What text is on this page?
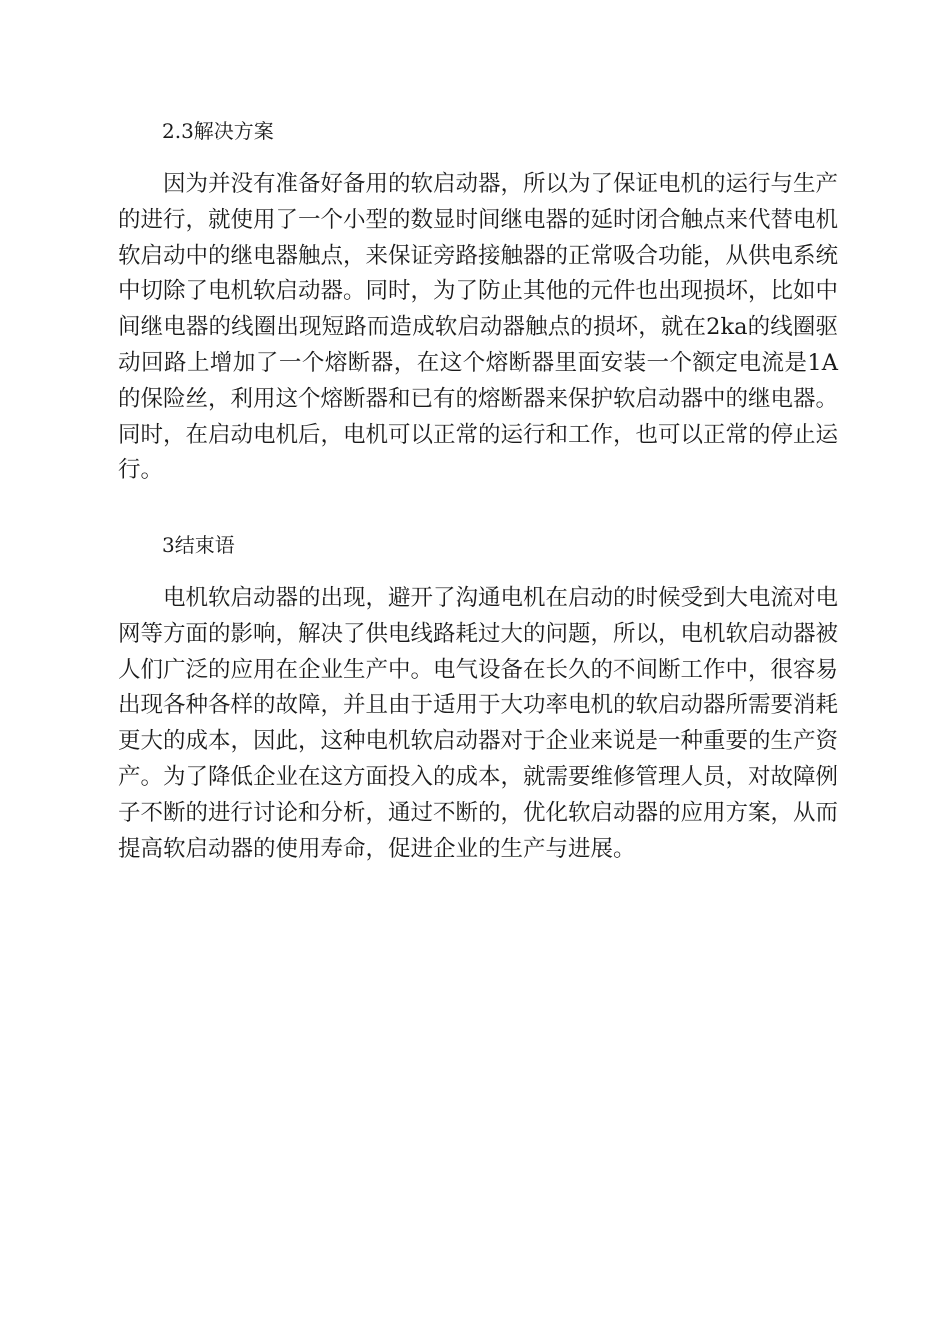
2.3解决方案
因为并没有准备好备用的软启动器，所以为了保证电机的运行与生产的进行，就使用了一个小型的数显时间继电器的延时闭合触点来代替电机软启动中的继电器触点，来保证旁路接触器的正常吸合功能，从供电系统中切除了电机软启动器。同时，为了防止其他的元件也出现损坏，比如中间继电器的线圈出现短路而造成软启动器触点的损坏，就在2ka的线圈驱动回路上增加了一个熔断器，在这个熔断器里面安装一个额定电流是1A的保险丝，利用这个熔断器和已有的熔断器来保护软启动器中的继电器。同时，在启动电机后，电机可以正常的运行和工作，也可以正常的停止运行。
3结束语
电机软启动器的出现，避开了沟通电机在启动的时候受到大电流对电网等方面的影响，解决了供电线路耗过大的问题，所以，电机软启动器被人们广泛的应用在企业生产中。电气设备在长久的不间断工作中，很容易出现各种各样的故障，并且由于适用于大功率电机的软启动器所需要消耗更大的成本，因此，这种电机软启动器对于企业来说是一种重要的生产资产。为了降低企业在这方面投入的成本，就需要维修管理人员，对故障例子不断的进行讨论和分析，通过不断的，优化软启动器的应用方案，从而提高软启动器的使用寿命，促进企业的生产与进展。
